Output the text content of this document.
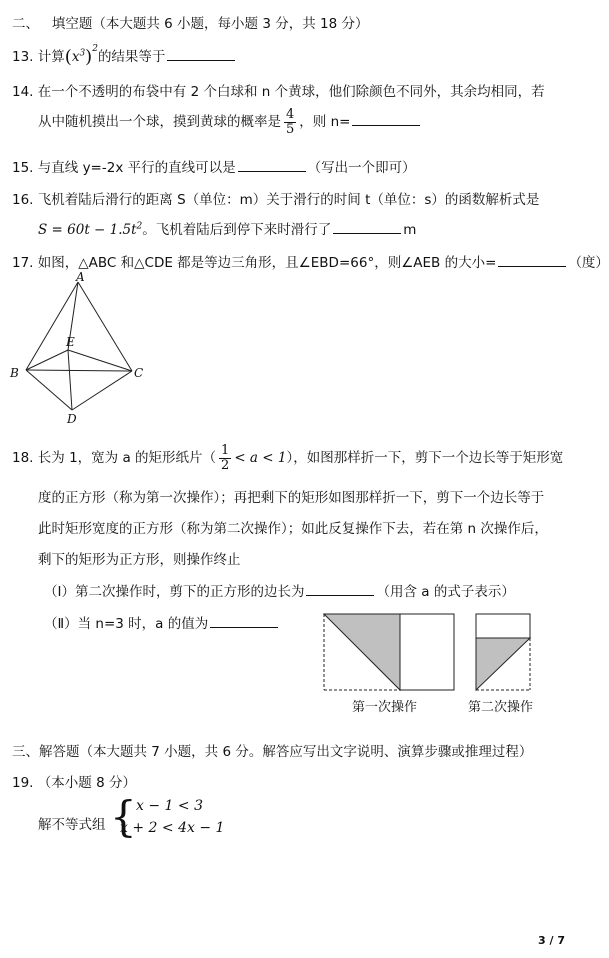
二、 填空题（本大题共 6 小题，每小题 3 分，共 18 分）
13. 计算$(x^3)^2$的结果等于
14. 在一个不透明的布袋中有 2 个白球和 n 个黄球，他们除颜色不同外，其余均相同，若
从中随机摸出一个球，摸到黄球的概率是 $\frac{4}{5}$ ，则 n=
15. 与直线 y=-2x 平行的直线可以是	（写出一个即可）
16. 飞机着陆后滑行的距离 S（单位：m）关于滑行的时间 t（单位：s）的函数解析式是
$S = 60t - 1.5t^2$。飞机着陆后到停下来时滑行了	m
17. 如图，△ABC 和△CDE 都是等边三角形，且∠EBD=66°，则∠AEB 的大小=	（度）
A
B	C
D
E
18. 长为 1，宽为 a 的矩形纸片（ $\frac{1}{2} < a < 1$），如图那样折一下，剪下一个边长等于矩形宽
度的正方形（称为第一次操作）；再把剩下的矩形如图那样折一下，剪下一个边长等于
此时矩形宽度的正方形（称为第二次操作）；如此反复操作下去，若在第 n 次操作后，
剩下的矩形为正方形，则操作终止
（Ⅰ）第二次操作时，剪下的正方形的边长为	（用含 a 的式子表示）
（Ⅱ）当 n=3 时，a 的值为
第一次操作	第二次操作
三、解答题（本大题共 7 小题，共 6 分。解答应写出文字说明、演算步骤或推理过程）
19. （本小题 8 分）
解不等式组 { x − 1 < 3
x + 2 < 4x − 1
3 / 7
